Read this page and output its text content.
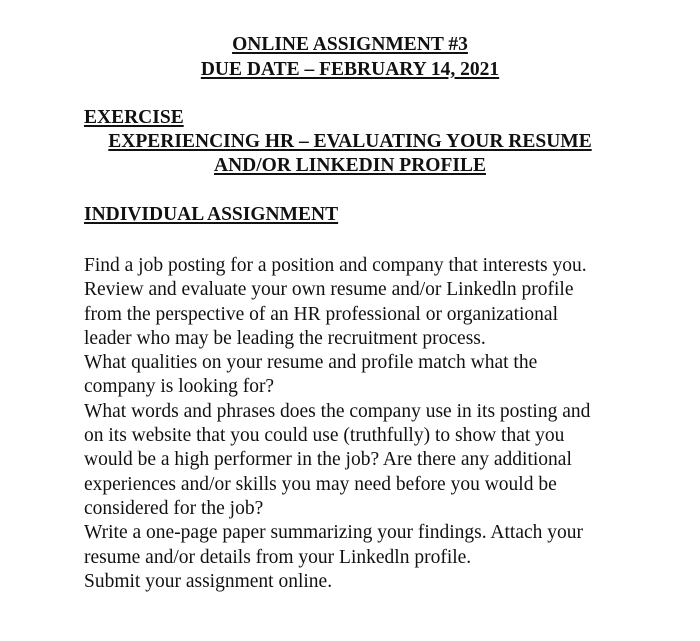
ONLINE ASSIGNMENT #3
DUE DATE – FEBRUARY 14, 2021
EXERCISE
EXPERIENCING HR – EVALUATING YOUR RESUME
AND/OR LINKEDIN PROFILE
INDIVIDUAL ASSIGNMENT
Find a job posting for a position and company that interests you.
Review and evaluate your own resume and/or Linkedln profile
from the perspective of an HR professional or organizational
leader who may be leading the recruitment process.
What qualities on your resume and profile match what the
company is looking for?
What words and phrases does the company use in its posting and
on its website that you could use (truthfully) to show that you
would be a high performer in the job? Are there any additional
experiences and/or skills you may need before you would be
considered for the job?
Write a one-page paper summarizing your findings. Attach your
resume and/or details from your Linkedln profile.
Submit your assignment online.
